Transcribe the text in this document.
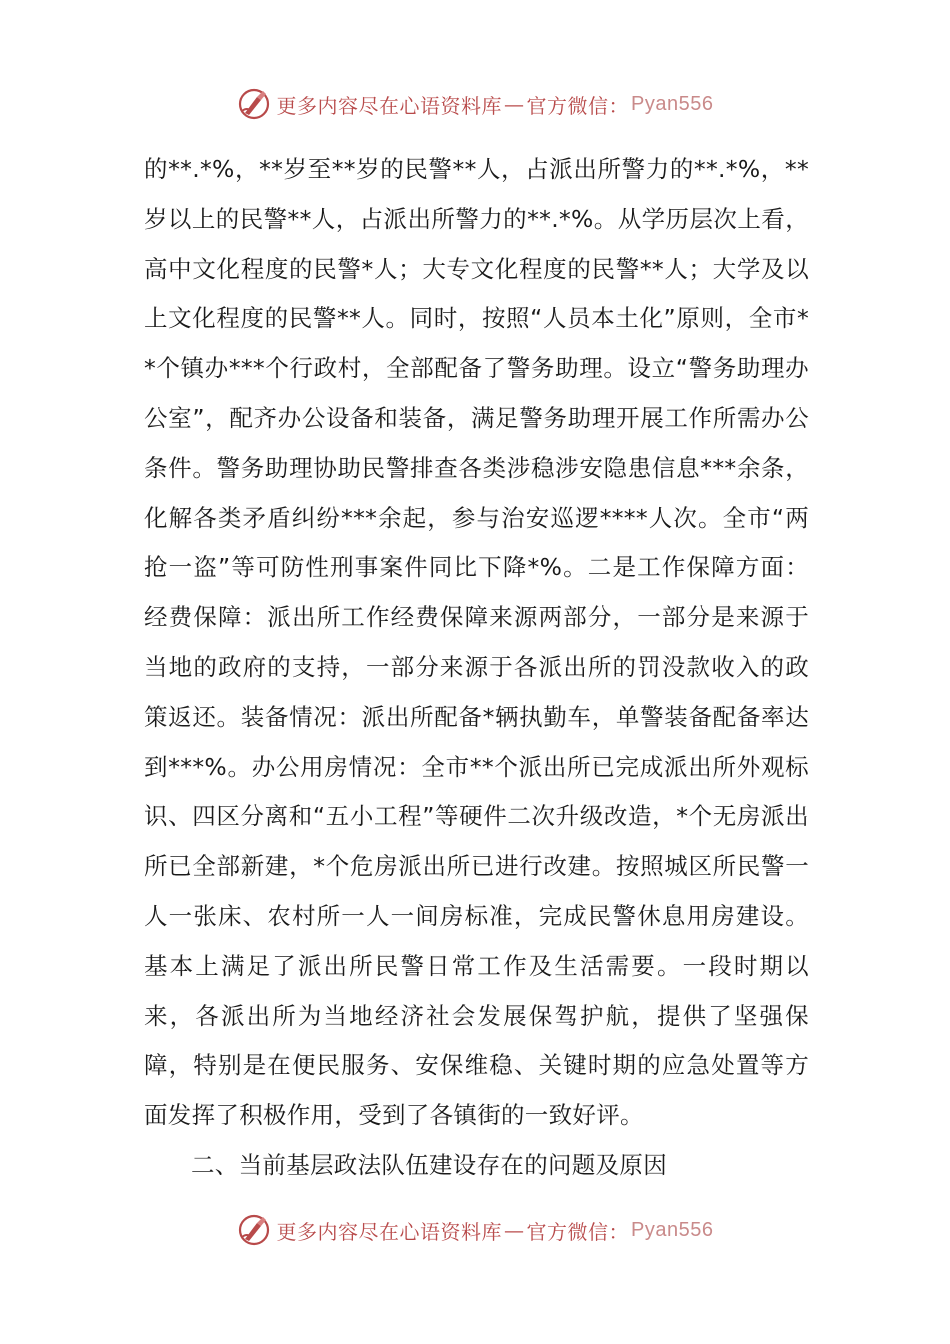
更多内容尽在心语资料库 — 官方微信： Pyan556

的**.*%，**岁至**岁的民警**人，占派出所警力的**.*%，**岁以上的民警**人，占派出所警力的**.*%。从学历层次上看，高中文化程度的民警*人；大专文化程度的民警**人；大学及以上文化程度的民警**人。同时，按照“人员本土化”原则，全市**个镇办***个行政村，全部配备了警务助理。设立“警务助理办公室”，配齐办公设备和装备，满足警务助理开展工作所需办公条件。警务助理协助民警排查各类涉稳涉安隐患信息***余条，化解各类矛盾纠纷***余起，参与治安巡逻****人次。全市“两抢一盗”等可防性刑事案件同比下降*%。二是工作保障方面：经费保障：派出所工作经费保障来源两部分，一部分是来源于当地的政府的支持，一部分来源于各派出所的罚没款收入的政策返还。装备情况：派出所配备*辆执勤车，单警装备配备率达到***%。办公用房情况：全市**个派出所已完成派出所外观标识、四区分离和“五小工程”等硬件二次升级改造，*个无房派出所已全部新建，*个危房派出所已进行改建。按照城区所民警一人一张床、农村所一人一间房标准，完成民警休息用房建设。基本上满足了派出所民警日常工作及生活需要。一段时期以来，各派出所为当地经济社会发展保驾护航，提供了坚强保障，特别是在便民服务、安保维稳、关键时期的应急处置等方面发挥了积极作用，受到了各镇街的一致好评。

二、当前基层政法队伍建设存在的问题及原因

更多内容尽在心语资料库 — 官方微信： Pyan556
